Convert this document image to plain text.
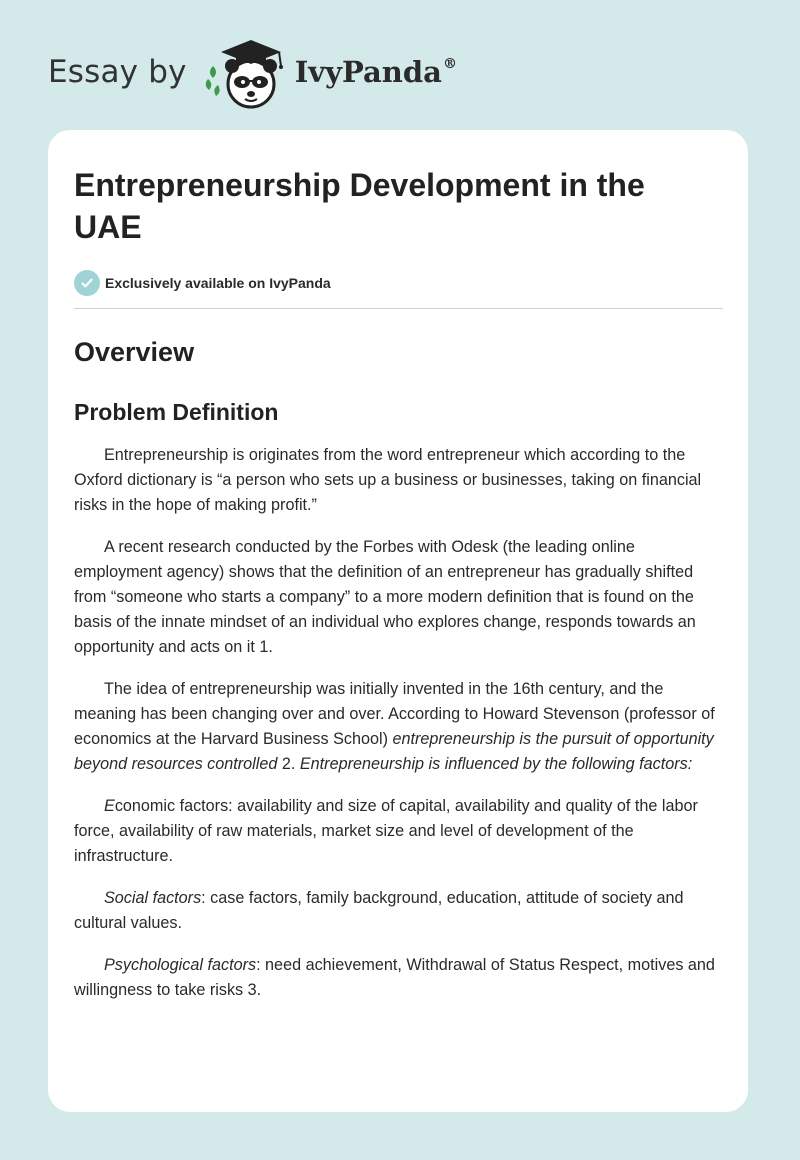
Essay by	IvyPanda®
Entrepreneurship Development in the UAE
Exclusively available on IvyPanda
Overview
Problem Definition

Entrepreneurship is originates from the word entrepreneur which according to the Oxford dictionary is “a person who sets up a business or businesses, taking on financial risks in the hope of making profit.”

A recent research conducted by the Forbes with Odesk (the leading online employment agency) shows that the definition of an entrepreneur has gradually shifted from “someone who starts a company” to a more modern definition that is found on the basis of the innate mindset of an individual who explores change, responds towards an opportunity and acts on it 1.

The idea of entrepreneurship was initially invented in the 16th century, and the meaning has been changing over and over. According to Howard Stevenson (professor of economics at the Harvard Business School) entrepreneurship is the pursuit of opportunity beyond resources controlled 2. Entrepreneurship is influenced by the following factors:

Economic factors: availability and size of capital, availability and quality of the labor force, availability of raw materials, market size and level of development of the infrastructure.

Social factors: case factors, family background, education, attitude of society and cultural values.

Psychological factors: need achievement, Withdrawal of Status Respect, motives and willingness to take risks 3.
